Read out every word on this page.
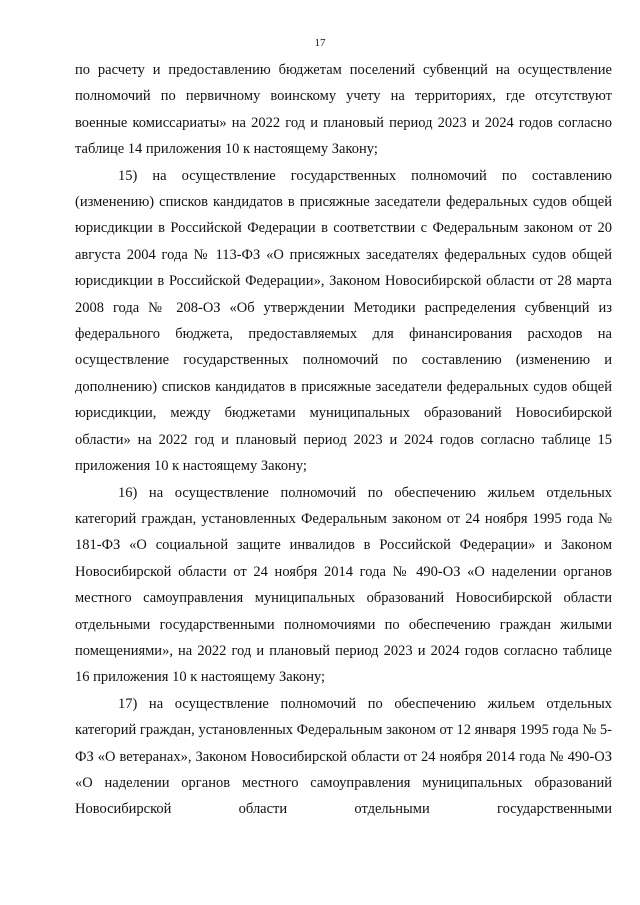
17

по расчету и предоставлению бюджетам поселений субвенций на осуществление полномочий по первичному воинскому учету на территориях, где отсутствуют военные комиссариаты» на 2022 год и плановый период 2023 и 2024 годов согласно таблице 14 приложения 10 к настоящему Закону;

15) на осуществление государственных полномочий по составлению (изменению) списков кандидатов в присяжные заседатели федеральных судов общей юрисдикции в Российской Федерации в соответствии с Федеральным законом от 20 августа 2004 года № 113-ФЗ «О присяжных заседателях федеральных судов общей юрисдикции в Российской Федерации», Законом Новосибирской области от 28 марта 2008 года № 208-ОЗ «Об утверждении Методики распределения субвенций из федерального бюджета, предоставляемых для финансирования расходов на осуществление государственных полномочий по составлению (изменению и дополнению) списков кандидатов в присяжные заседатели федеральных судов общей юрисдикции, между бюджетами муниципальных образований Новосибирской области» на 2022 год и плановый период 2023 и 2024 годов согласно таблице 15 приложения 10 к настоящему Закону;

16) на осуществление полномочий по обеспечению жильем отдельных категорий граждан, установленных Федеральным законом от 24 ноября 1995 года № 181-ФЗ «О социальной защите инвалидов в Российской Федерации» и Законом Новосибирской области от 24 ноября 2014 года № 490-ОЗ «О наделении органов местного самоуправления муниципальных образований Новосибирской области отдельными государственными полномочиями по обеспечению граждан жилыми помещениями», на 2022 год и плановый период 2023 и 2024 годов согласно таблице 16 приложения 10 к настоящему Закону;

17) на осуществление полномочий по обеспечению жильем отдельных категорий граждан, установленных Федеральным законом от 12 января 1995 года № 5-ФЗ «О ветеранах», Законом Новосибирской области от 24 ноября 2014 года № 490-ОЗ «О наделении органов местного самоуправления муниципальных образований Новосибирской области отдельными государственными
